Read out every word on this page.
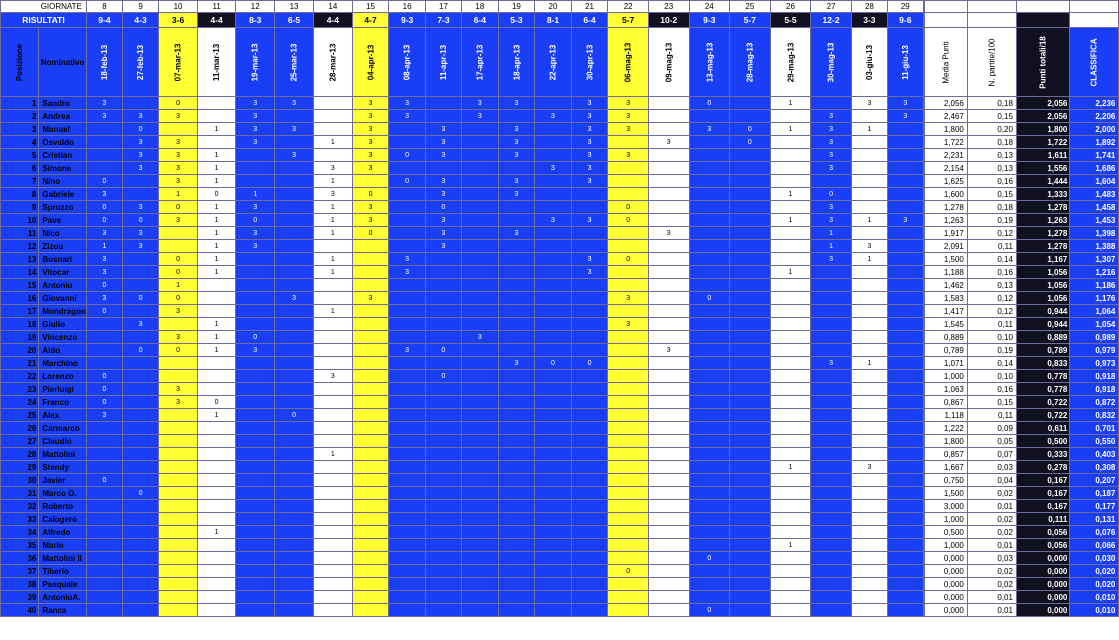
GIORNATE		8	9	10	11	12	13	14	15	16	17	18	19	20	21	22	23	24	25	26	27	28	29					
RISULTATI		9-4	4-3	3-6	4-4	8-3	6-5	4-4	4-7	9-3	7-3	6-4	5-3	8-1	6-4	5-7	10-2	9-3	5-7	5-5	12-2	3-3	9-6					
Posizione	Nominativo	18-feb-13	27-feb-13	07-mar-13	11-mar-13	19-mar-13	25-mar-13	28-mar-13	04-apr-13	08-apr-13	11-apr-13	17-apr-13	18-apr-13	22-apr-13	30-apr-13	06-mag-13	09-mag-13	13-mag-13	28-mag-13	29-mag-13	30-mag-13	03-giu-13	11-giu-13		Media Punti	N. partite/100	Punti totali/18	CLASSIFICA
1	Sandro	3		0		3	3		3	3		3	3		3	3		0		1		3	3		2,056	0,18	2,056	2,236
2	Andrea	3	3	3		3			3	3		3		3	3	3					3		3		2,467	0,15	2,056	2,206
3	Manuel		0		1	3	3		3		3		3		3	3		3	0	1	3	1			1,800	0,20	1,800	2,000
4	Osvaldo		3	3		3		1	3		3		3		3		3		0		3				1,722	0,18	1,722	1,892
5	Cristian		3	3	1		3		3	0	3		3		3	3					3				2,231	0,13	1,611	1,741
6	Simone		3	3	1			3	3					3	3						3				2,154	0,13	1,556	1,686
7	Nino	0		3	1			1		0	3		3		3										1,625	0,16	1,444	1,604
8	Gabriele	3		1	0	1		3	0		3		3							1	0				1,600	0,15	1,333	1,483
9	Spruzzo	0	3	0	1	3		1	3		0					0					3				1,278	0,18	1,278	1,458
10	Pave	0	0	3	1	0		1	3		3			3	3	0				1	3	1	3		1,263	0,19	1,263	1,453
11	Nico	3	3		1	3		1	0		3		3				3				1				1,917	0,12	1,278	1,398
12	Zizou	1	3		1	3					3										1	3			2,091	0,11	1,278	1,388
13	Busnari	3		0	1			1		3					3	0					3	1			1,500	0,14	1,167	1,307
14	Vitocar	3		0	1			1		3					3					1					1,188	0,16	1,056	1,216
15	Antonio	0		1																					1,462	0,13	1,056	1,186
16	Giovanni	3	0	0			3		3							3		0							1,583	0,12	1,056	1,176
17	Mondragon	0		3				1																	1,417	0,12	0,944	1,064
18	Giulio		3		1											3									1,545	0,11	0,944	1,054
19	Vincenzo			3	1	0						3													0,889	0,10	0,889	0,989
20	Aldo		0	0	1	3				3	0						3								0,789	0,19	0,789	0,979
21	Marchino												3	0	0						3	1			1,071	0,14	0,833	0,973
22	Lorenzo	0						3			0														1,000	0,10	0,778	0,918
23	Pierluigi	0		3																					1,063	0,16	0,778	0,918
24	Franco	0		3	0																				0,867	0,15	0,722	0,872
25	Alex	3			1		0																		1,118	0,11	0,722	0,832
26	Carmarco																								1,222	0,09	0,611	0,701
27	Claudio																								1,800	0,05	0,500	0,550
28	Mattolini							1																	0,857	0,07	0,333	0,403
29	Stendy																			1		3			1,667	0,03	0,278	0,308
30	Javier	0																							0,750	0,04	0,167	0,207
31	Marco O.		0																						1,500	0,02	0,167	0,187
32	Roberto																								3,000	0,01	0,167	0,177
33	Calogero																								1,000	0,02	0,111	0,131
34	Alfredo				1																				0,500	0,02	0,056	0,076
35	Mario																			1					1,000	0,01	0,056	0,066
36	Mattolini II																	0							0,000	0,03	0,000	0,030
37	Tiberio															0									0,000	0,02	0,000	0,020
38	Pasquale																								0,000	0,02	0,000	0,020
39	AntonioA.																								0,000	0,01	0,000	0,010
40	Ranca																	0							0,000	0,01	0,000	0,010
